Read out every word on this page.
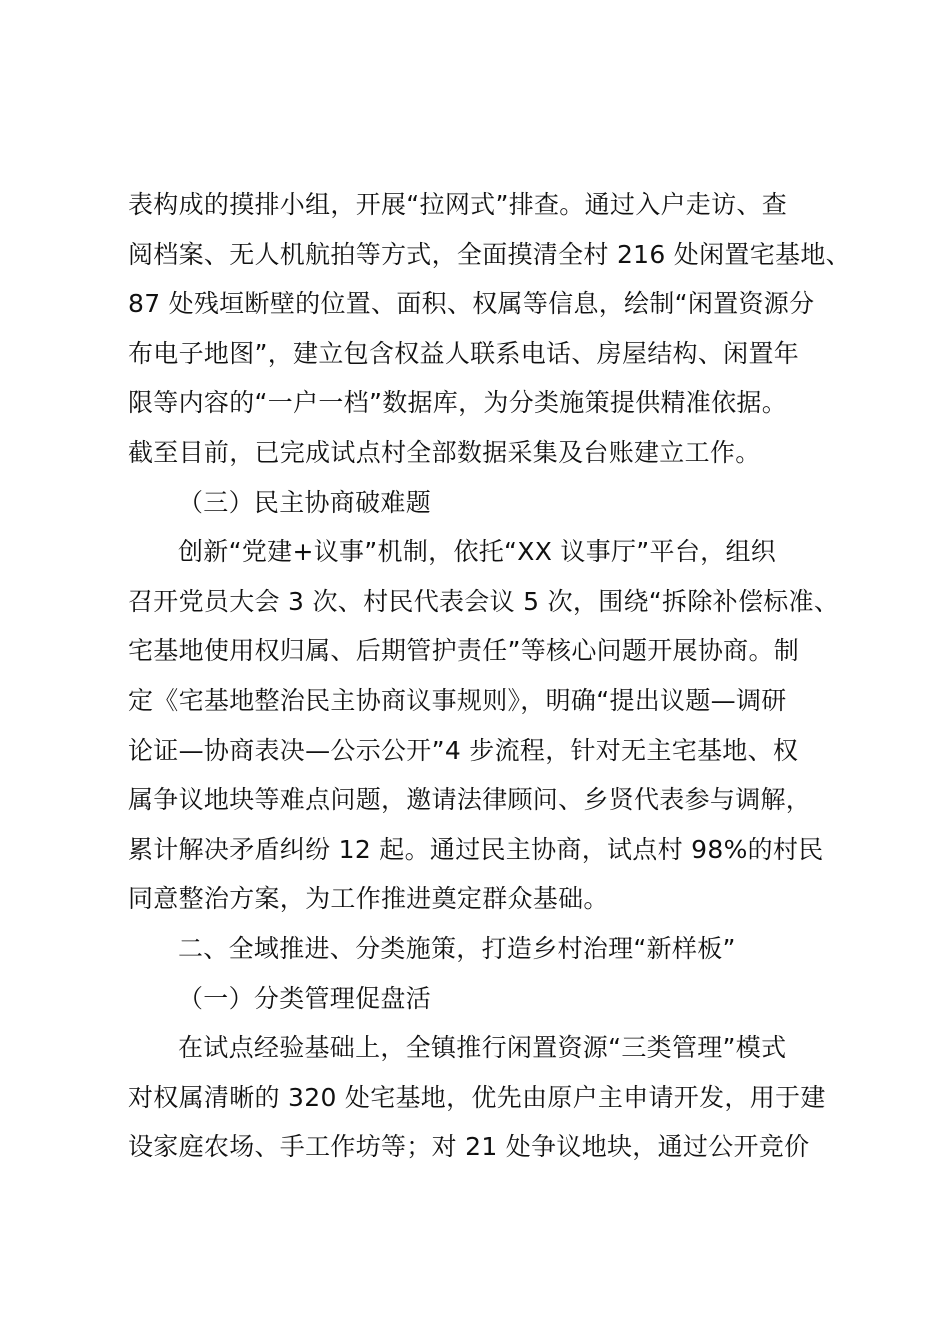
表构成的摸排小组，开展“拉网式”排查。通过入户走访、查
阅档案、无人机航拍等方式，全面摸清全村 216 处闲置宅基地、
87 处残垣断壁的位置、面积、权属等信息，绘制“闲置资源分
布电子地图”，建立包含权益人联系电话、房屋结构、闲置年
限等内容的“一户一档”数据库，为分类施策提供精准依据。
截至目前，已完成试点村全部数据采集及台账建立工作。
（三）民主协商破难题
创新“党建+议事”机制，依托“XX 议事厅”平台，组织
召开党员大会 3 次、村民代表会议 5 次，围绕“拆除补偿标准、
宅基地使用权归属、后期管护责任”等核心问题开展协商。制
定《宅基地整治民主协商议事规则》，明确“提出议题—调研
论证—协商表决—公示公开”4 步流程，针对无主宅基地、权
属争议地块等难点问题，邀请法律顾问、乡贤代表参与调解，
累计解决矛盾纠纷 12 起。通过民主协商，试点村 98%的村民
同意整治方案，为工作推进奠定群众基础。
二、全域推进、分类施策，打造乡村治理“新样板”
（一）分类管理促盘活
在试点经验基础上，全镇推行闲置资源“三类管理”模式
对权属清晰的 320 处宅基地，优先由原户主申请开发，用于建
设家庭农场、手工作坊等；对 21 处争议地块，通过公开竞价
